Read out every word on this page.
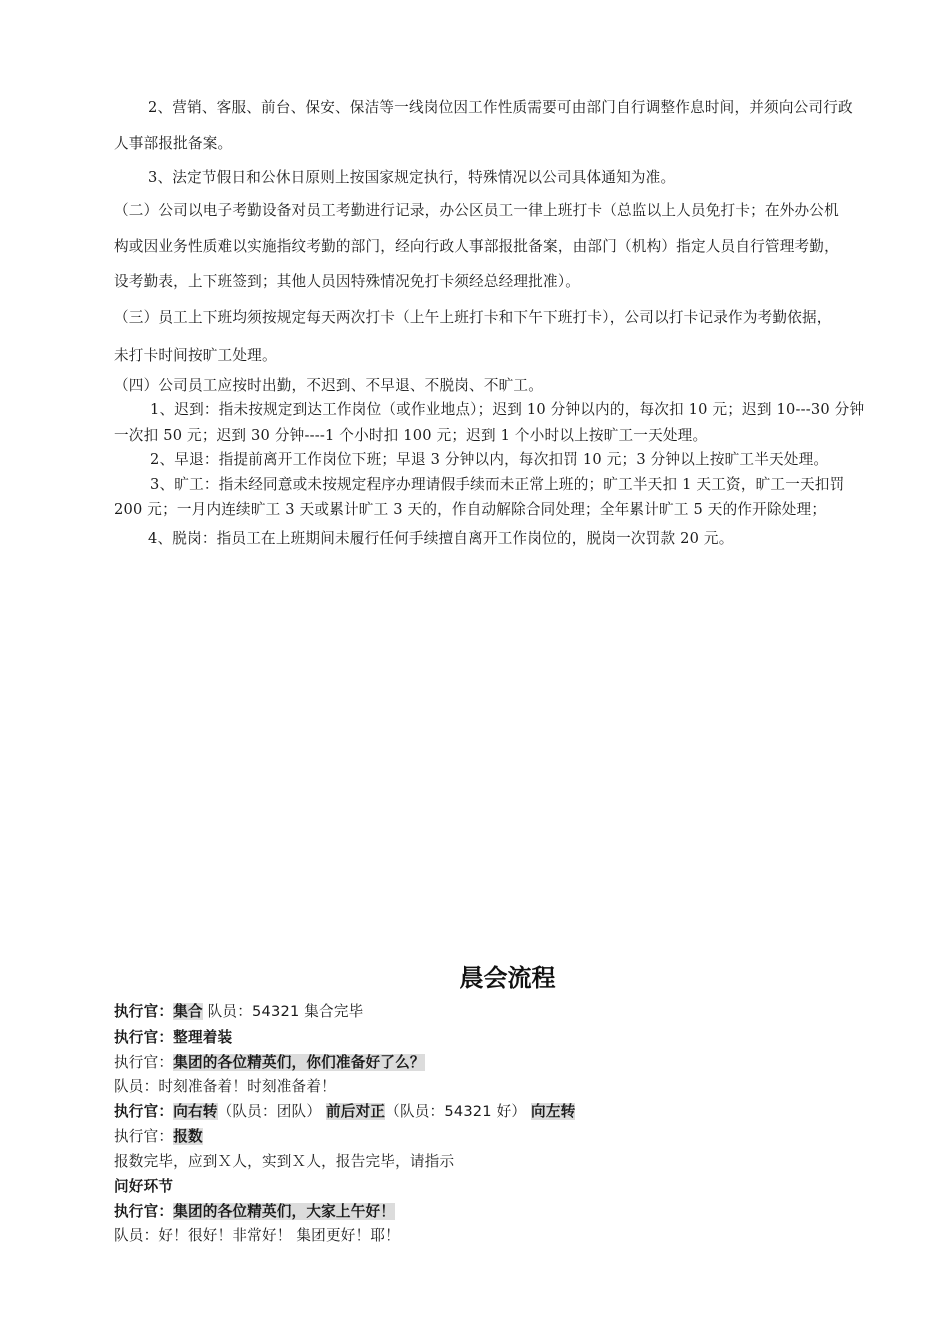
2、营销、客服、前台、保安、保洁等一线岗位因工作性质需要可由部门自行调整作息时间，并须向公司行政
人事部报批备案。
3、法定节假日和公休日原则上按国家规定执行，特殊情况以公司具体通知为准。
（二）公司以电子考勤设备对员工考勤进行记录，办公区员工一律上班打卡（总监以上人员免打卡；在外办公机
构或因业务性质难以实施指纹考勤的部门，经向行政人事部报批备案，由部门（机构）指定人员自行管理考勤，
设考勤表，上下班签到；其他人员因特殊情况免打卡须经总经理批准）。
（三）员工上下班均须按规定每天两次打卡（上午上班打卡和下午下班打卡），公司以打卡记录作为考勤依据，
未打卡时间按旷工处理。
（四）公司员工应按时出勤，不迟到、不早退、不脱岗、不旷工。
1、迟到：指未按规定到达工作岗位（或作业地点）；迟到 10 分钟以内的，每次扣 10 元；迟到 10---30 分钟
一次扣 50 元；迟到 30 分钟----1 个小时扣 100 元；迟到 1 个小时以上按旷工一天处理。
2、早退：指提前离开工作岗位下班；早退 3 分钟以内，每次扣罚 10 元；3 分钟以上按旷工半天处理。
3、旷工：指未经同意或未按规定程序办理请假手续而未正常上班的；旷工半天扣 1 天工资，旷工一天扣罚
200 元；一月内连续旷工 3 天或累计旷工 3 天的，作自动解除合同处理；全年累计旷工 5 天的作开除处理；
4、脱岗：指员工在上班期间未履行任何手续擅自离开工作岗位的，脱岗一次罚款 20 元。
晨会流程
执行官：集合 队员：54321 集合完毕
执行官：整理着装
执行官：集团的各位精英们，你们准备好了么？
队员：时刻准备着！时刻准备着！
执行官：向右转（队员：团队） 前后对正（队员：54321 好） 向左转
执行官：报数
报数完毕，应到Ｘ人，实到Ｘ人，报告完毕，请指示
问好环节
执行官：集团的各位精英们，大家上午好！
队员：好！很好！非常好！ 集团更好！耶！
